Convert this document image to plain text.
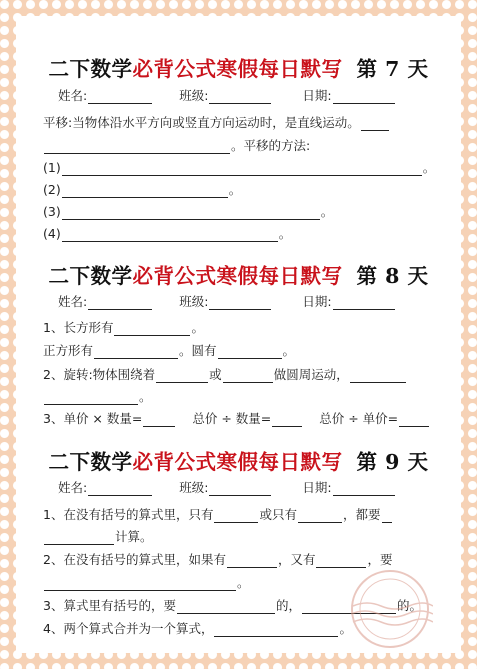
二下数学必背公式寒假每日默写 第 7 天
姓名:	班级:	日期:
平移:当物体沿水平方向或竖直方向运动时，是直线运动。
。平移的方法:
(1)	。
(2)	。
(3)	。
(4)	。
二下数学必背公式寒假每日默写 第 8 天
姓名:	班级:	日期:
1、长方形有	。
正方形有	。圆有	。
2、旋转:物体围绕着	或	做圆周运动，
。
3、单价 × 数量=	总价 ÷ 数量=	总价 ÷ 单价=
二下数学必背公式寒假每日默写 第 9 天
姓名:	班级:	日期:
1、在没有括号的算式里，只有	或只有	，都要
计算。
2、在没有括号的算式里，如果有	，又有	，要
。
3、算式里有括号的，要	的，	的。
4、两个算式合并为一个算式，	。
